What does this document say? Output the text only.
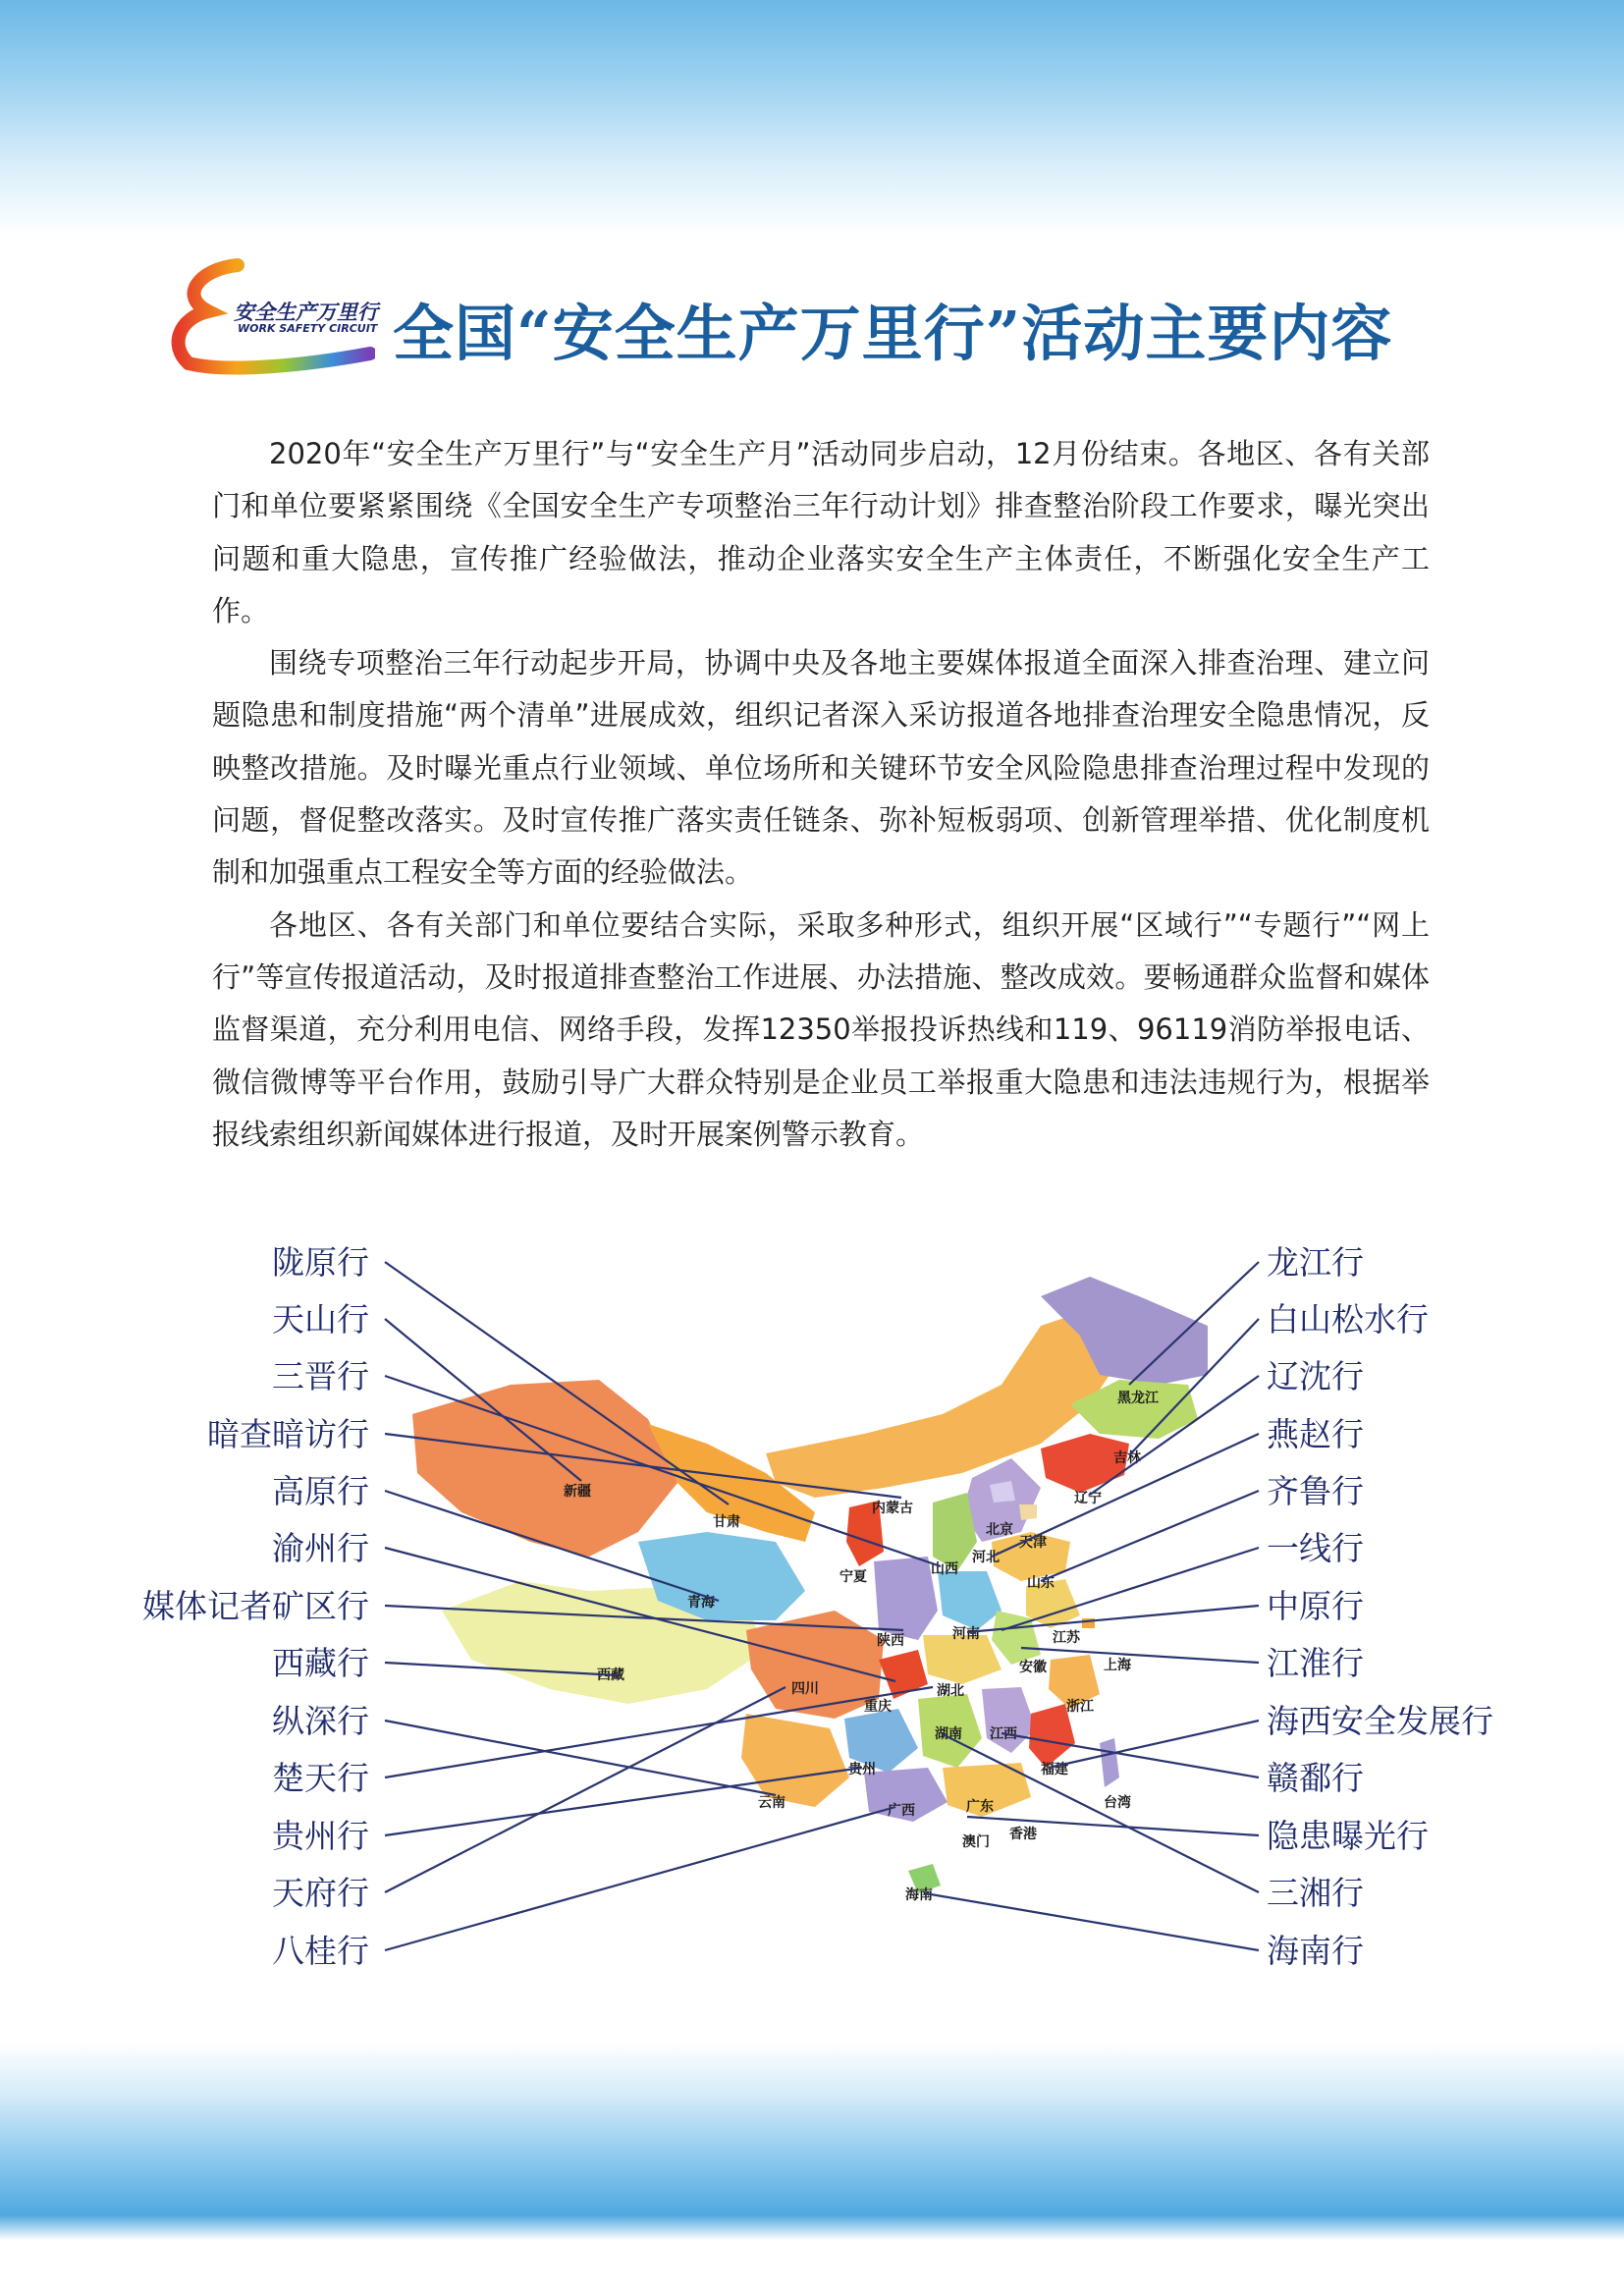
安全生产万里行
WORK SAFETY CIRCUIT 全国“安全生产万里行”活动主要内容

2020年“安全生产万里行”与“安全生产月”活动同步启动，12月份结束。各地区、各有关部门和单位要紧紧围绕《全国安全生产专项整治三年行动计划》排查整治阶段工作要求，曝光突出问题和重大隐患，宣传推广经验做法，推动企业落实安全生产主体责任，不断强化安全生产工作。

围绕专项整治三年行动起步开局，协调中央及各地主要媒体报道全面深入排查治理、建立问题隐患和制度措施“两个清单”进展成效，组织记者深入采访报道各地排查治理安全隐患情况，反映整改措施。及时曝光重点行业领域、单位场所和关键环节安全风险隐患排查治理过程中发现的问题，督促整改落实。及时宣传推广落实责任链条、弥补短板弱项、创新管理举措、优化制度机制和加强重点工程安全等方面的经验做法。

各地区、各有关部门和单位要结合实际，采取多种形式，组织开展“区域行”“专题行”“网上行”等宣传报道活动，及时报道排查整治工作进展、办法措施、整改成效。要畅通群众监督和媒体监督渠道，充分利用电信、网络手段，发挥12350举报投诉热线和119、96119消防举报电话、微信微博等平台作用，鼓励引导广大群众特别是企业员工举报重大隐患和违法违规行为，根据举报线索组织新闻媒体进行报道，及时开展案例警示教育。

新疆
西藏
青海
甘肃
内蒙古
黑龙江
吉林
辽宁
北京
天津
河北
山西
宁夏	山东
陕西	河南	江苏
安徽	上海
四川
重庆
湖北
浙江
贵州
湖南 江西
福建
云南	广西	广东	台湾
澳门 香港
海南
陇原行
天山行
三晋行
暗查暗访行
高原行
渝州行
媒体记者矿区行
西藏行
纵深行
楚天行
贵州行
天府行
八桂行
龙江行
白山松水行
辽沈行
燕赵行
齐鲁行
一线行
中原行
江淮行
海西安全发展行
赣鄱行
隐患曝光行
三湘行
海南行
